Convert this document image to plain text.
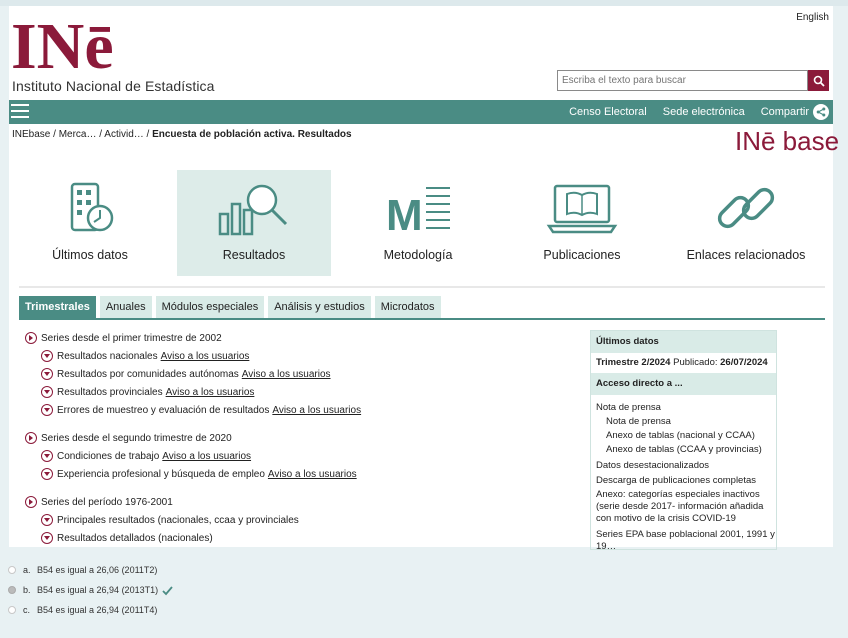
English
INē
Instituto Nacional de Estadística
Escriba el texto para buscar
Censo Electoral Sede electrónica Compartir
INEbase / Merca… / Activid… / Encuesta de población activa. Resultados	INē base
Últimos datos	Resultados
M
Metodología	Publicaciones	Enlaces relacionados
Trimestrales	Anuales	Módulos especiales	Análisis y estudios	Microdatos
Series desde el primer trimestre de 2002
Resultados nacionales Aviso a los usuarios
Resultados por comunidades autónomas Aviso a los usuarios
Resultados provinciales Aviso a los usuarios
Errores de muestreo y evaluación de resultados Aviso a los usuarios
Series desde el segundo trimestre de 2020
Condiciones de trabajo Aviso a los usuarios
Experiencia profesional y búsqueda de empleo Aviso a los usuarios
Series del período 1976-2001
Principales resultados (nacionales, ccaa y provinciales
Resultados detallados (nacionales)
Últimos datos
Trimestre 2/2024 Publicado: 26/07/2024
Acceso directo a ...
Nota de prensa
Nota de prensa
Anexo de tablas (nacional y CCAA)
Anexo de tablas (CCAA y provincias)
Datos desestacionalizados
Descarga de publicaciones completas
Anexo: categorías especiales inactivos (serie desde 2017- información añadida con motivo de la crisis COVID-19
Series EPA base poblacional 2001, 1991 y 19…
a. B54 es igual a 26,06 (2011T2)
b. B54 es igual a 26,94 (2013T1)
c. B54 es igual a 26,94 (2011T4)
